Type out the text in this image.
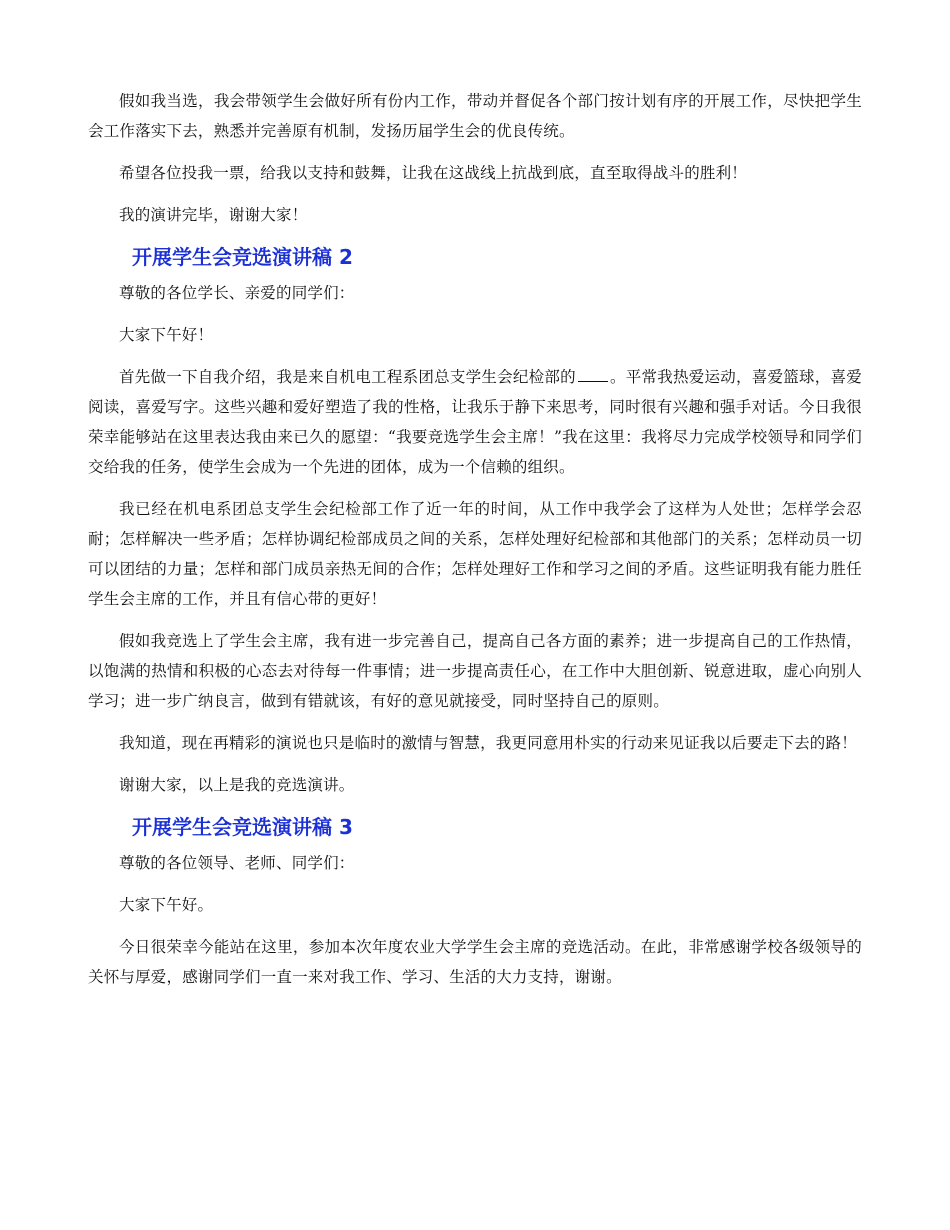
假如我当选，我会带领学生会做好所有份内工作，带动并督促各个部门按计划有序的开展工作，尽快把学生会工作落实下去，熟悉并完善原有机制，发扬历届学生会的优良传统。

希望各位投我一票，给我以支持和鼓舞，让我在这战线上抗战到底，直至取得战斗的胜利！

我的演讲完毕，谢谢大家！

开展学生会竞选演讲稿 2

尊敬的各位学长、亲爱的同学们：

大家下午好！

首先做一下自我介绍，我是来自机电工程系团总支学生会纪检部的 。平常我热爱运动，喜爱篮球，喜爱阅读，喜爱写字。这些兴趣和爱好塑造了我的性格，让我乐于静下来思考，同时很有兴趣和强手对话。今日我很荣幸能够站在这里表达我由来已久的愿望：“我要竞选学生会主席！”我在这里：我将尽力完成学校领导和同学们交给我的任务，使学生会成为一个先进的团体，成为一个信赖的组织。

我已经在机电系团总支学生会纪检部工作了近一年的时间，从工作中我学会了这样为人处世；怎样学会忍耐；怎样解决一些矛盾；怎样协调纪检部成员之间的关系，怎样处理好纪检部和其他部门的关系；怎样动员一切可以团结的力量；怎样和部门成员亲热无间的合作；怎样处理好工作和学习之间的矛盾。这些证明我有能力胜任学生会主席的工作，并且有信心带的更好！

假如我竞选上了学生会主席，我有进一步完善自己，提高自己各方面的素养；进一步提高自己的工作热情，以饱满的热情和积极的心态去对待每一件事情；进一步提高责任心，在工作中大胆创新、锐意进取，虚心向别人学习；进一步广纳良言，做到有错就该，有好的意见就接受，同时坚持自己的原则。

我知道，现在再精彩的演说也只是临时的激情与智慧，我更同意用朴实的行动来见证我以后要走下去的路！

谢谢大家，以上是我的竞选演讲。

开展学生会竞选演讲稿 3

尊敬的各位领导、老师、同学们：

大家下午好。

今日很荣幸今能站在这里，参加本次年度农业大学学生会主席的竞选活动。在此，非常感谢学校各级领导的关怀与厚爱，感谢同学们一直一来对我工作、学习、生活的大力支持，谢谢。
